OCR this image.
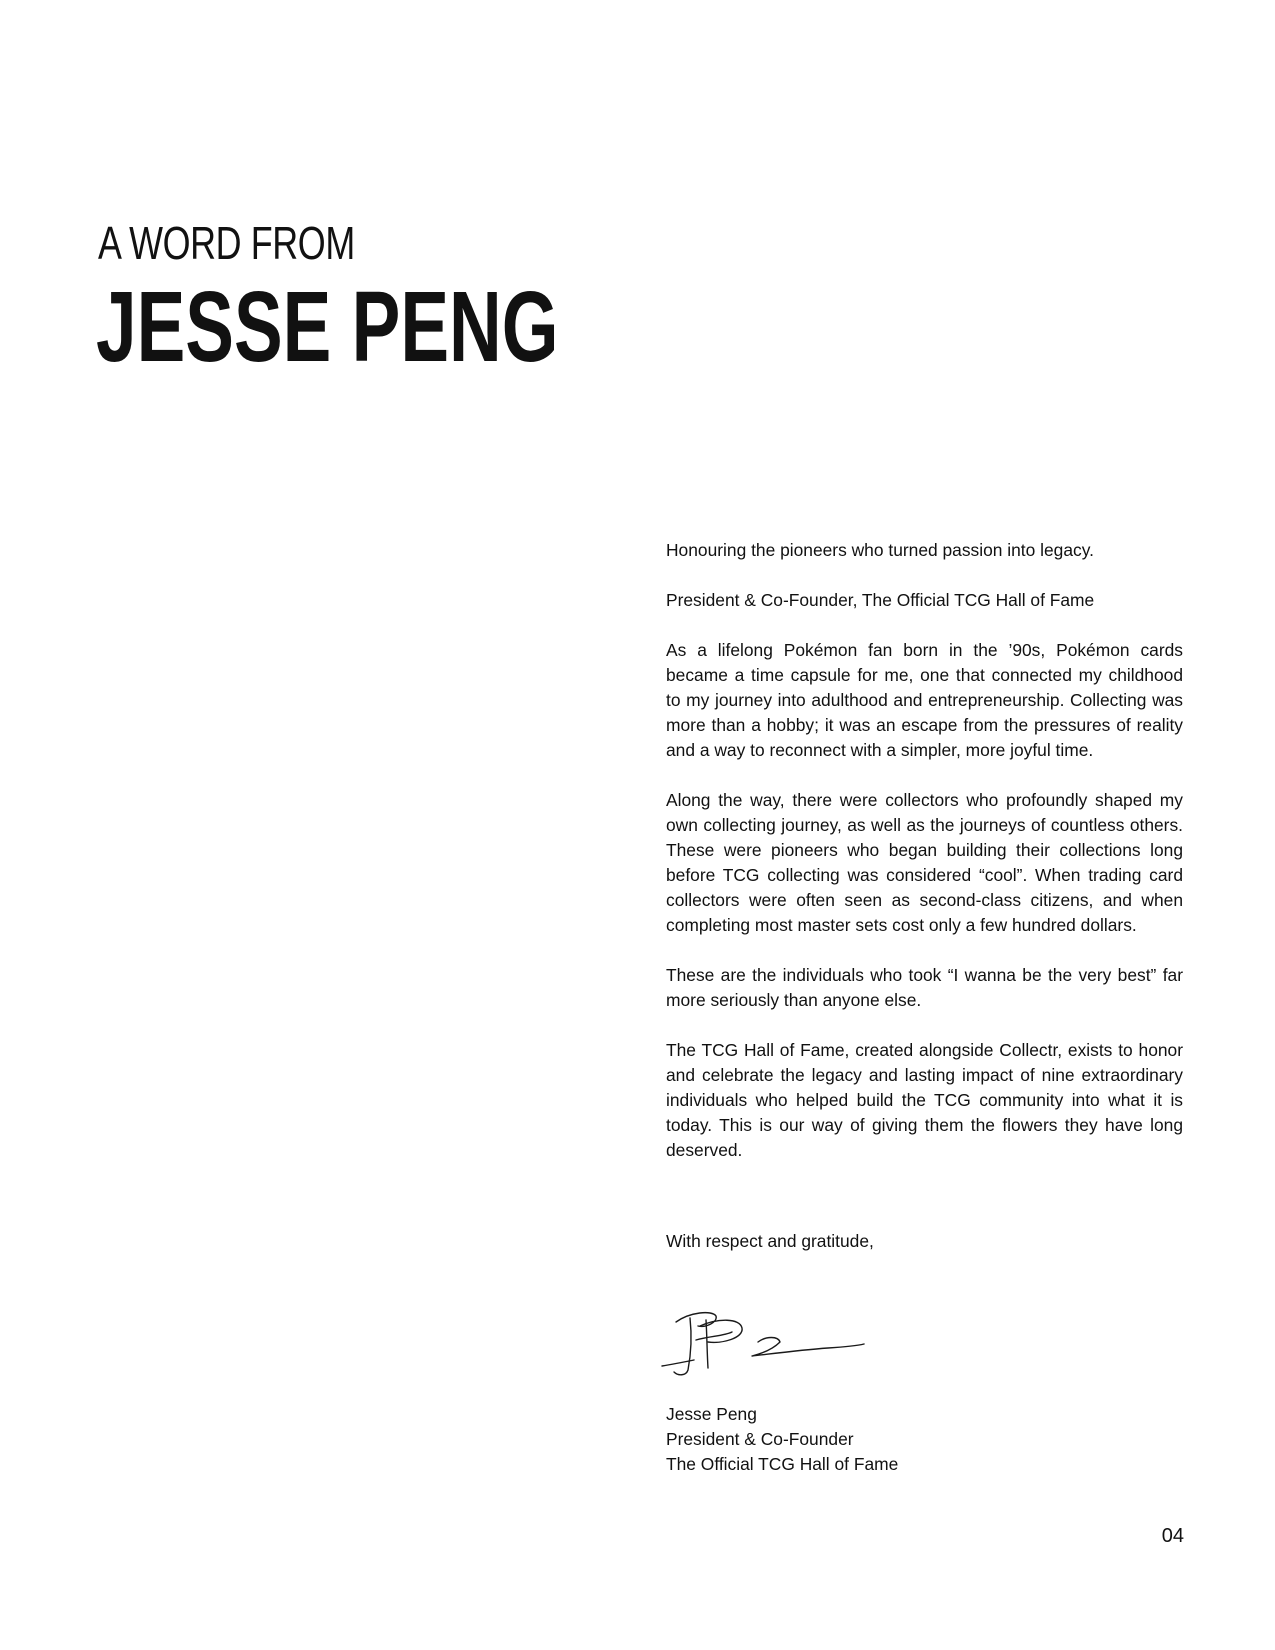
A WORD FROM
JESSE PENG

Honouring the pioneers who turned passion into legacy.

President & Co-Founder, The Official TCG Hall of Fame

As a lifelong Pokémon fan born in the ’90s, Pokémon cards became a time capsule for me, one that connected my childhood to my journey into adulthood and entrepreneurship. Collecting was more than a hobby; it was an escape from the pressures of reality and a way to reconnect with a simpler, more joyful time.

Along the way, there were collectors who profoundly shaped my own collecting journey, as well as the journeys of countless others. These were pioneers who began building their collections long before TCG collecting was considered “cool”. When trading card collectors were often seen as second-class citizens, and when completing most master sets cost only a few hundred dollars.

These are the individuals who took “I wanna be the very best” far more seriously than anyone else.

The TCG Hall of Fame, created alongside Collectr, exists to honor and celebrate the legacy and lasting impact of nine extraordinary individuals who helped build the TCG community into what it is today. This is our way of giving them the flowers they have long deserved.

With respect and gratitude,

Jesse Peng
President & Co-Founder
The Official TCG Hall of Fame
04
